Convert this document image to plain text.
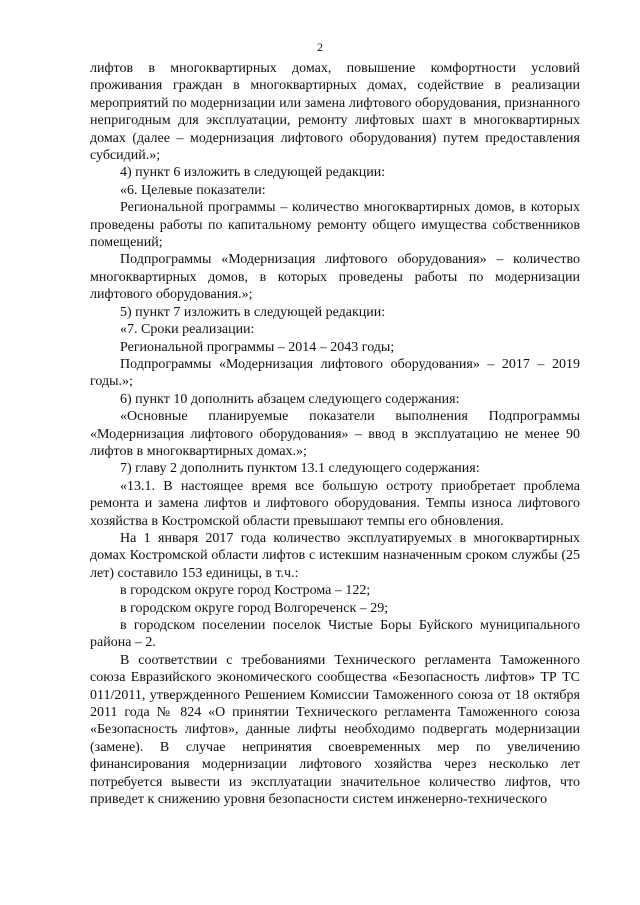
2

лифтов в многоквартирных домах, повышение комфортности условий проживания граждан в многоквартирных домах, содействие в реализации мероприятий по модернизации или замена лифтового оборудования, признанного непригодным для эксплуатации, ремонту лифтовых шахт в многоквартирных домах (далее – модернизация лифтового оборудования) путем предоставления субсидий.»;

4) пункт 6 изложить в следующей редакции:

«6. Целевые показатели:

Региональной программы – количество многоквартирных домов, в которых проведены работы по капитальному ремонту общего имущества собственников помещений;

Подпрограммы «Модернизация лифтового оборудования» – количество многоквартирных домов, в которых проведены работы по модернизации лифтового оборудования.»;

5) пункт 7 изложить в следующей редакции:

«7. Сроки реализации:

Региональной программы – 2014 – 2043 годы;

Подпрограммы «Модернизация лифтового оборудования» – 2017 – 2019 годы.»;

6) пункт 10 дополнить абзацем следующего содержания:

«Основные планируемые показатели выполнения Подпрограммы «Модернизация лифтового оборудования» – ввод в эксплуатацию не менее 90 лифтов в многоквартирных домах.»;

7) главу 2 дополнить пунктом 13.1 следующего содержания:

«13.1. В настоящее время все большую остроту приобретает проблема ремонта и замена лифтов и лифтового оборудования. Темпы износа лифтового хозяйства в Костромской области превышают темпы его обновления.

На 1 января 2017 года количество эксплуатируемых в многоквартирных домах Костромской области лифтов с истекшим назначенным сроком службы (25 лет) составило 153 единицы, в т.ч.:

в городском округе город Кострома – 122;

в городском округе город Волгореченск – 29;

в городском поселении поселок Чистые Боры Буйского муниципального района – 2.

В соответствии с требованиями Технического регламента Таможенного союза Евразийского экономического сообщества «Безопасность лифтов» ТР ТС 011/2011, утвержденного Решением Комиссии Таможенного союза от 18 октября 2011 года № 824 «О принятии Технического регламента Таможенного союза «Безопасность лифтов», данные лифты необходимо подвергать модернизации (замене). В случае непринятия своевременных мер по увеличению финансирования модернизации лифтового хозяйства через несколько лет потребуется вывести из эксплуатации значительное количество лифтов, что приведет к снижению уровня безопасности систем инженерно-технического
